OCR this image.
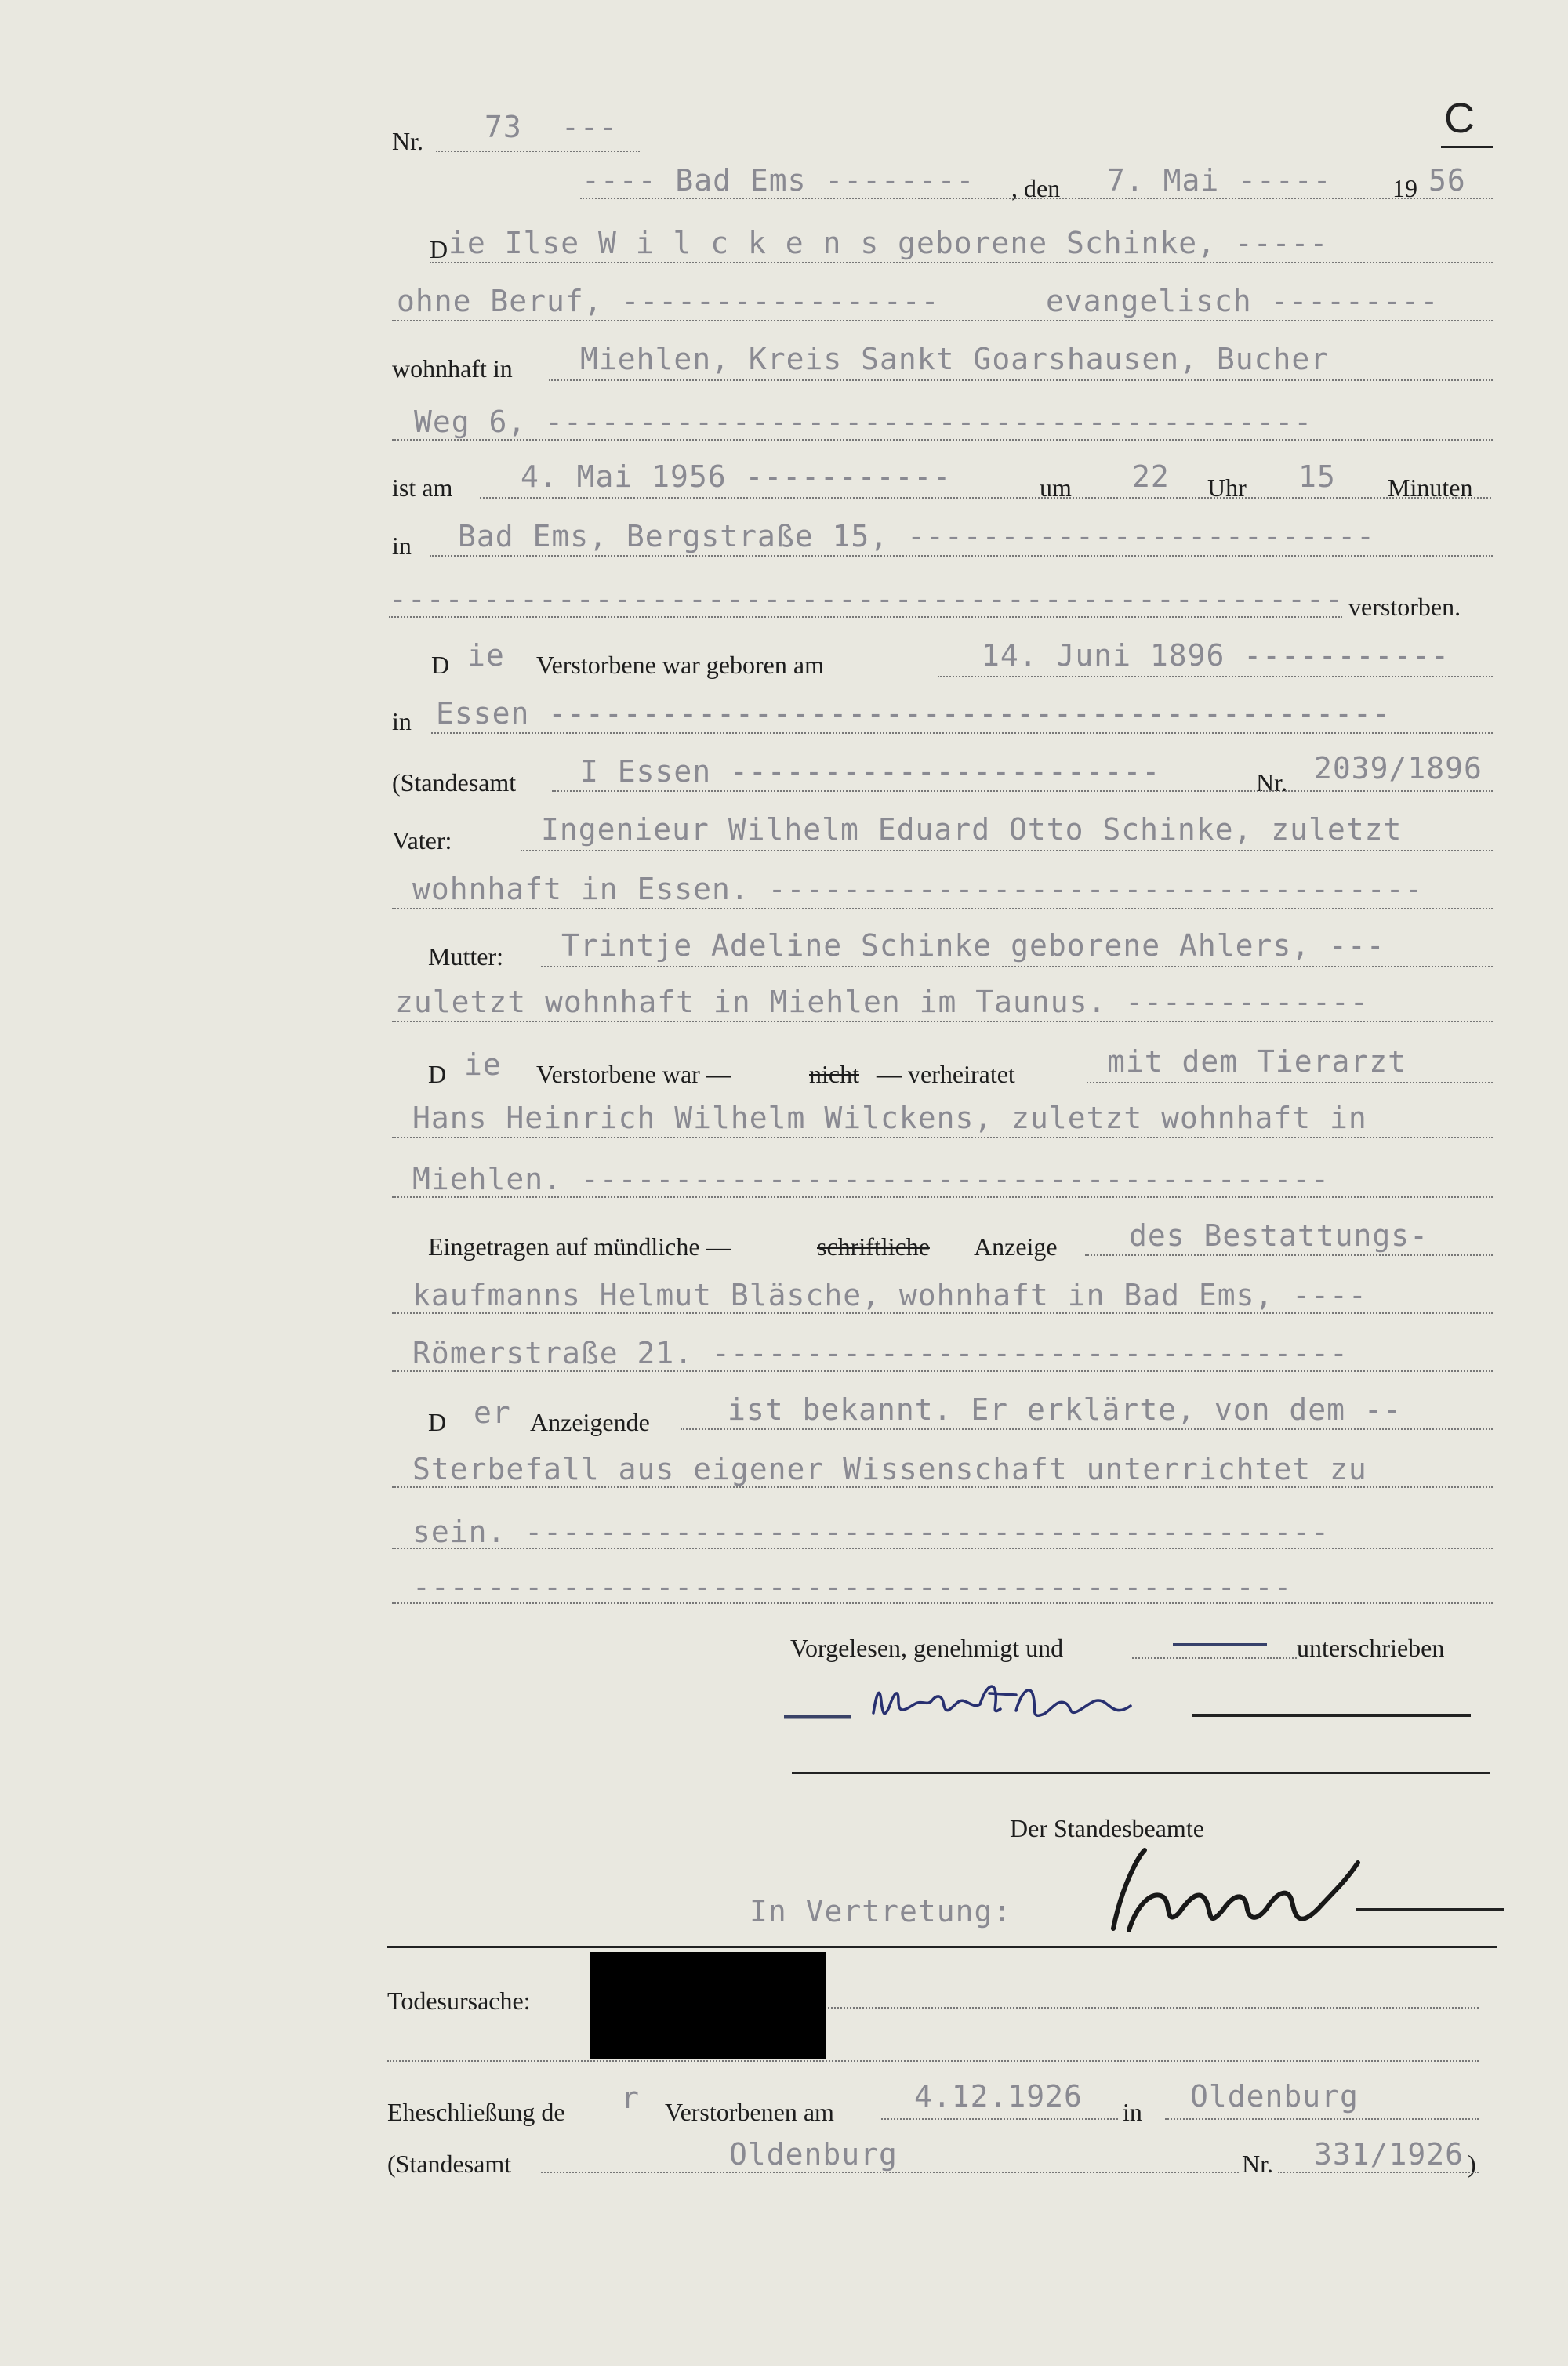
Nr. 73 ---	C
---- Bad Ems -------- , den 7. Mai ----- 19 56
D ie Ilse W i l c k e n s geborene Schinke, -----
ohne Beruf, -----------------	evangelisch ---------
wohnhaft in Miehlen, Kreis Sankt Goarshausen, Bucher
Weg 6, -----------------------------------------
ist am 4. Mai 1956 -----------	um 22 Uhr 15 Minuten
in Bad Ems, Bergstraße 15, -------------------------
--------------------------------------------------- verstorben.
D ie Verstorbene war geboren am	14. Juni 1896 -----------
in Essen ---------------------------------------------
(Standesamt I Essen -----------------------	Nr. 2039/1896
Vater:	Ingenieur Wilhelm Eduard Otto Schinke, zuletzt
wohnhaft in Essen. -----------------------------------
Mutter: Trintje Adeline Schinke geborene Ahlers, ---
zuletzt wohnhaft in Miehlen im Taunus. -------------
D ie Verstorbene war —	nicht — verheiratet	mit dem Tierarzt
Hans Heinrich Wilhelm Wilckens, zuletzt wohnhaft in
Miehlen. ----------------------------------------
Eingetragen auf mündliche —	schriftliche Anzeige des Bestattungs-
kaufmanns Helmut Bläsche, wohnhaft in Bad Ems, ----
Römerstraße 21. ----------------------------------
D er Anzeigende	ist bekannt. Er erklärte, von dem --
Sterbefall aus eigener Wissenschaft unterrichtet zu
sein. -------------------------------------------
-----------------------------------------------
Vorgelesen, genehmigt und	unterschrieben
Der Standesbeamte
In Vertretung:
Todesursache:
Eheschließung de r Verstorbenen am	4.12.1926 in Oldenburg
(Standesamt	Oldenburg	Nr. 331/1926 )
